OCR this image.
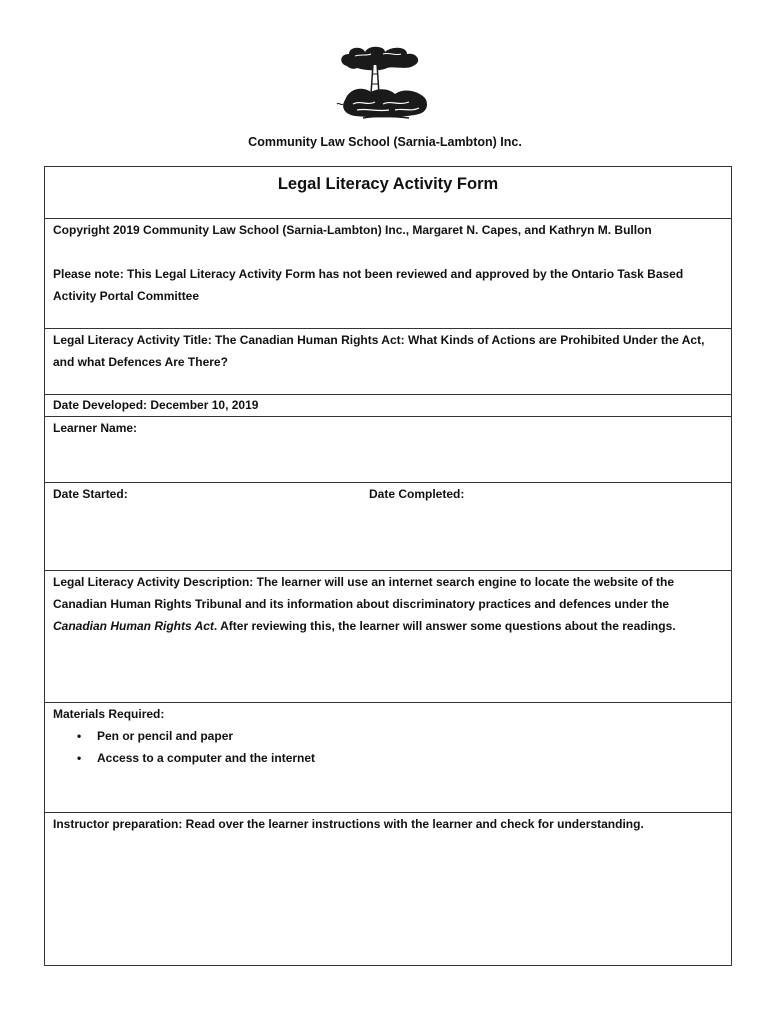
Community Law School (Sarnia-Lambton) Inc.
Legal Literacy Activity Form

Copyright 2019 Community Law School (Sarnia-Lambton) Inc., Margaret N. Capes, and Kathryn M. Bullon

Please note: This Legal Literacy Activity Form has not been reviewed and approved by the Ontario Task Based Activity Portal Committee

Legal Literacy Activity Title: The Canadian Human Rights Act: What Kinds of Actions are Prohibited Under the Act, and what Defences Are There?

Date Developed: December 10, 2019

Learner Name:

Date Started:	Date Completed:

Legal Literacy Activity Description: The learner will use an internet search engine to locate the website of the Canadian Human Rights Tribunal and its information about discriminatory practices and defences under the Canadian Human Rights Act. After reviewing this, the learner will answer some questions about the readings.

Materials Required:

• Pen or pencil and paper
• Access to a computer and the internet

Instructor preparation: Read over the learner instructions with the learner and check for understanding.
